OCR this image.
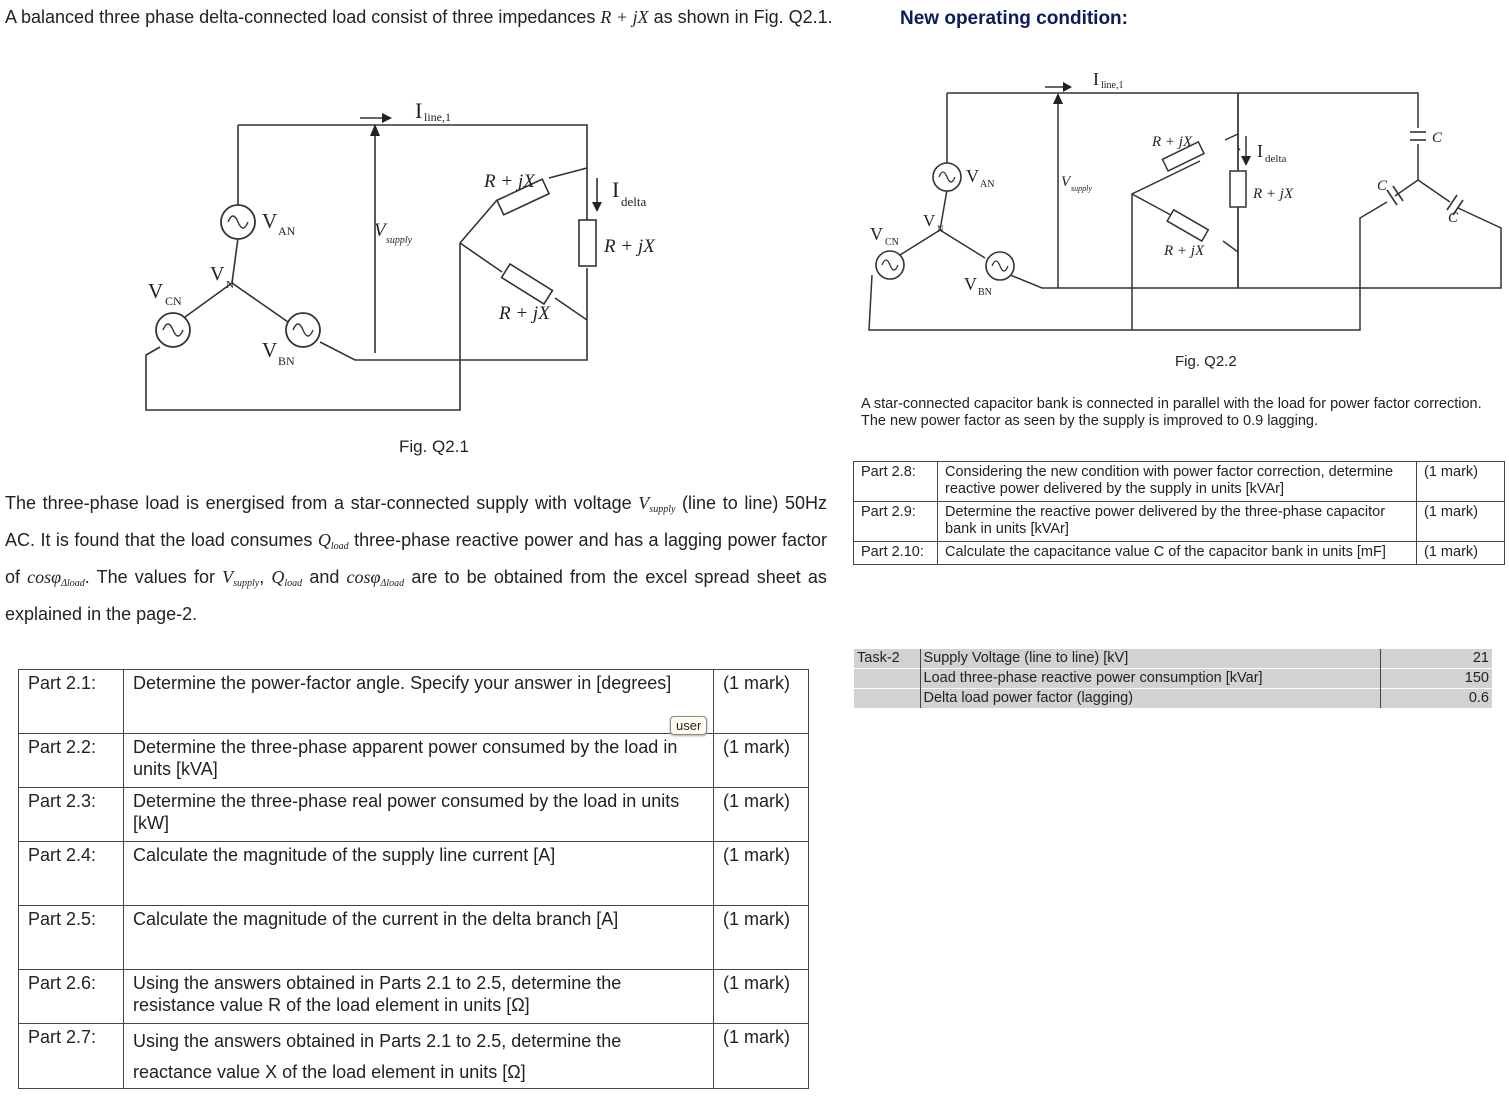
A balanced three phase delta-connected load consist of three impedances R + jX as shown in Fig. Q2.1.
I line,1
V AN
V BN
V CN
V N
V supply
I delta
R + jX
R + jX
R + jX
Fig. Q2.1
The three-phase load is energised from a star-connected supply with voltage $V_{supply}$ (line to line) 50Hz AC. It is found that the load consumes $Q_{load}$ three-phase reactive power and has a lagging power factor of cosφ$_{\Delta load}$. The values for $V_{supply}$, $Q_{load}$ and cosφ$_{\Delta load}$ are to be obtained from the excel spread sheet as explained in the page-2.
Part 2.1:	Determine the power-factor angle. Specify your answer in [degrees]	(1 mark)
Part 2.2:	Determine the three-phase apparent power consumed by the load in units [kVA]	(1 mark)
Part 2.3:	Determine the three-phase real power consumed by the load in units [kW]	(1 mark)
Part 2.4:	Calculate the magnitude of the supply line current [A]	(1 mark)
Part 2.5:	Calculate the magnitude of the current in the delta branch [A]	(1 mark)
Part 2.6:	Using the answers obtained in Parts 2.1 to 2.5, determine the resistance value R of the load element in units [Ω]	(1 mark)
Part 2.7:	Using the answers obtained in Parts 2.1 to 2.5, determine the reactance value X of the load element in units [Ω]	(1 mark)
user
New operating condition:
I line,1
V AN
V BN
V CN
V N
V supply
I delta
R + jX
R + jX
R + jX
C
C
C
Fig. Q2.2
A star-connected capacitor bank is connected in parallel with the load for power factor correction.
The new power factor as seen by the supply is improved to 0.9 lagging.
Part 2.8:	Considering the new condition with power factor correction, determine reactive power delivered by the supply in units [kVAr]	(1 mark)
Part 2.9:	Determine the reactive power delivered by the three-phase capacitor bank in units [kVAr]	(1 mark)
Part 2.10:	Calculate the capacitance value C of the capacitor bank in units [mF]	(1 mark)
Task-2	Supply Voltage (line to line) [kV]	21
	Load three-phase reactive power consumption [kVar]	150
	Delta load power factor (lagging)	0.6
